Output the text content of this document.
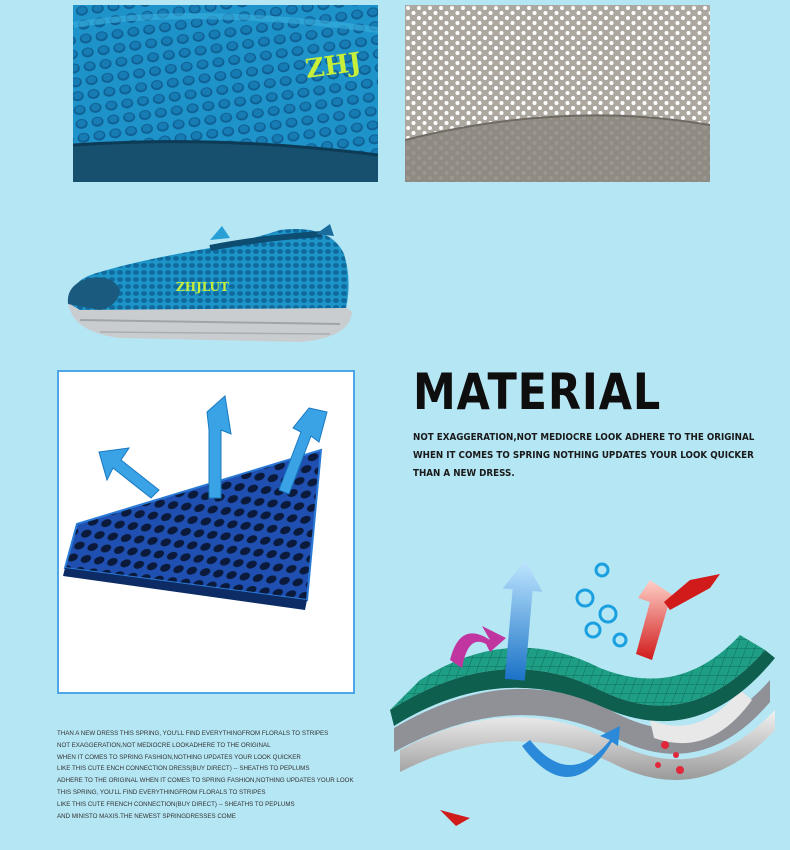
ZHJ
ZHJLUT
MATERIAL
NOT EXAGGERATION,NOT MEDIOCRE LOOK ADHERE TO THE ORIGINAL
WHEN IT COMES TO SPRING NOTHING UPDATES YOUR LOOK QUICKER
THAN A NEW DRESS.
THAN A NEW DRESS THIS SPRING, YOU'LL FIND EVERYTHINGFROM FLORALS TO STRIPES
NOT EXAGGERATION,NOT MEDIOCRE LOOKADHERE TO THE ORIGINAL
WHEN IT COMES TO SPRING FASHION,NOTHING UPDATES YOUR LOOK QUICKER
LIKE THIS CUTE ENCH CONNECTION DRESS(BUY DIRECT) -- SHEATHS TO PEPLUMS
ADHERE TO THE ORIGINAL WHEN IT COMES TO SPRING FASHION,NOTHING UPDATES YOUR LOOK
THIS SPRING, YOU'LL FIND EVERYTHINGFROM FLORALS TO STRIPES
LIKE THIS CUTE FRENCH CONNECTION(BUY DIRECT) -- SHEATHS TO PEPLUMS
AND MINISTO MAXIS.THE NEWEST SPRINGDRESSES COME
